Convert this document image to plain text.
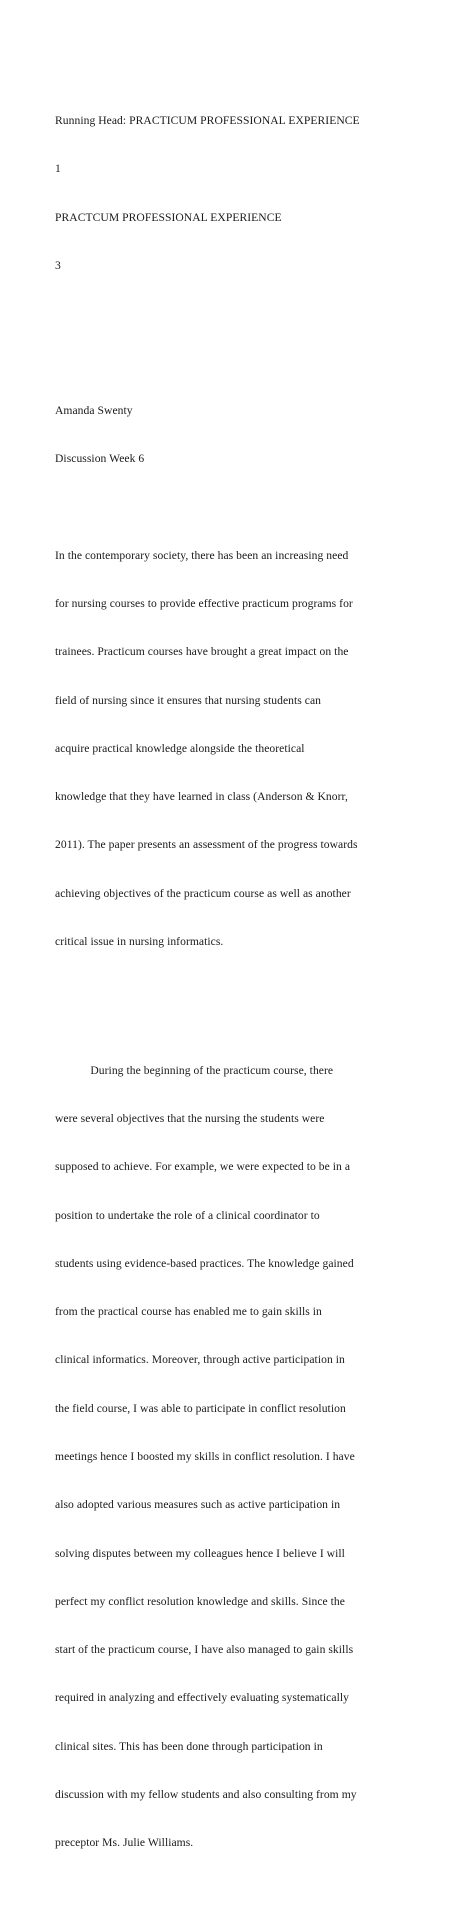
Running Head: PRACTICUM PROFESSIONAL EXPERIENCE

1

PRACTCUM PROFESSIONAL EXPERIENCE

3

Amanda Swenty

Discussion Week 6

In the contemporary society, there has been an increasing need

for nursing courses to provide effective practicum programs for

trainees. Practicum courses have brought a great impact on the

field of nursing since it ensures that nursing students can

acquire practical knowledge alongside the theoretical

knowledge that they have learned in class (Anderson & Knorr,

2011). The paper presents an assessment of the progress towards

achieving objectives of the practicum course as well as another

critical issue in nursing informatics.

During the beginning of the practicum course, there

were several objectives that the nursing the students were

supposed to achieve. For example, we were expected to be in a

position to undertake the role of a clinical coordinator to

students using evidence-based practices. The knowledge gained

from the practical course has enabled me to gain skills in

clinical informatics. Moreover, through active participation in

the field course, I was able to participate in conflict resolution

meetings hence I boosted my skills in conflict resolution. I have

also adopted various measures such as active participation in

solving disputes between my colleagues hence I believe I will

perfect my conflict resolution knowledge and skills. Since the

start of the practicum course, I have also managed to gain skills

required in analyzing and effectively evaluating systematically

clinical sites. This has been done through participation in

discussion with my fellow students and also consulting from my

preceptor Ms. Julie Williams.
